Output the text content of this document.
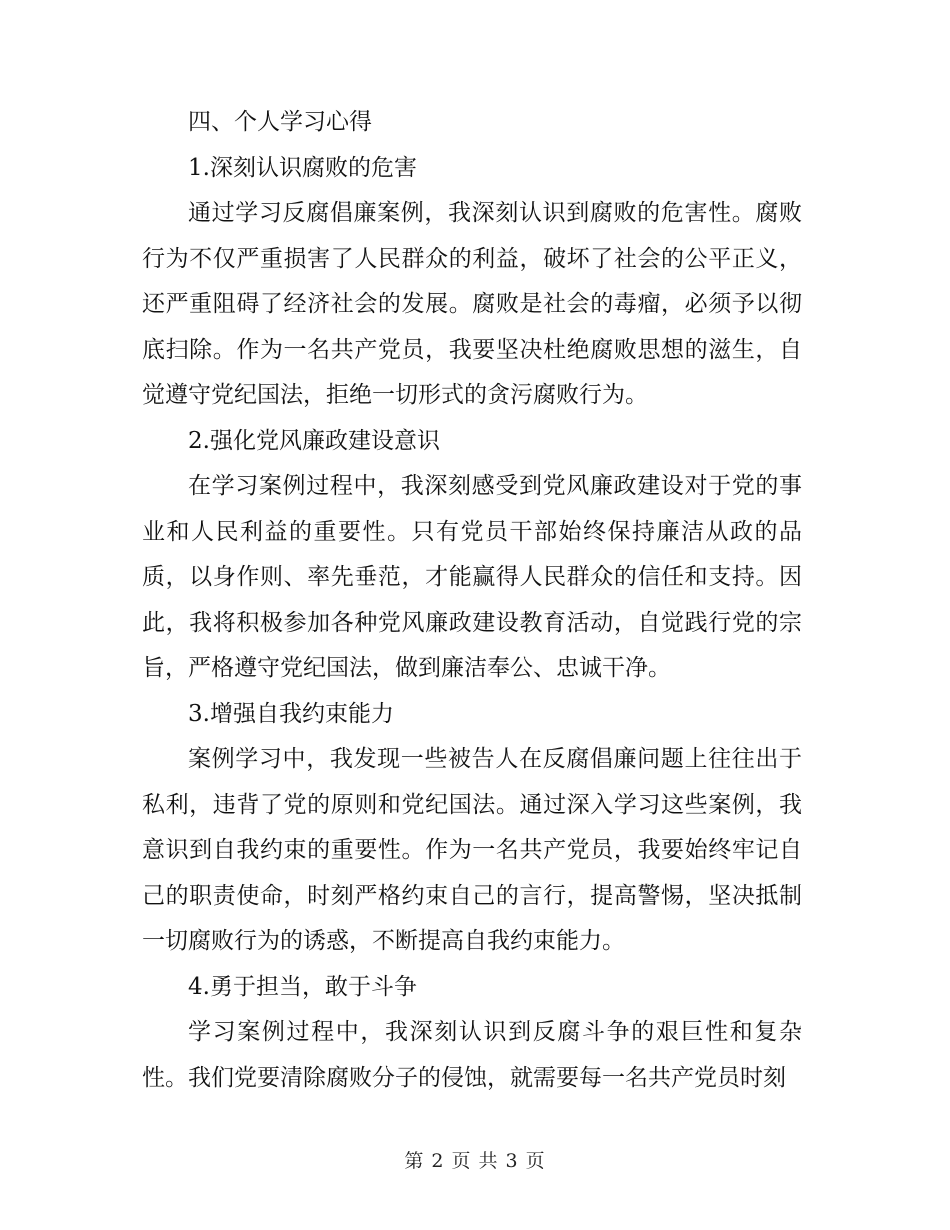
四、个人学习心得

1.深刻认识腐败的危害

通过学习反腐倡廉案例，我深刻认识到腐败的危害性。腐败行为不仅严重损害了人民群众的利益，破坏了社会的公平正义，还严重阻碍了经济社会的发展。腐败是社会的毒瘤，必须予以彻底扫除。作为一名共产党员，我要坚决杜绝腐败思想的滋生，自觉遵守党纪国法，拒绝一切形式的贪污腐败行为。

2.强化党风廉政建设意识

在学习案例过程中，我深刻感受到党风廉政建设对于党的事业和人民利益的重要性。只有党员干部始终保持廉洁从政的品质，以身作则、率先垂范，才能赢得人民群众的信任和支持。因此，我将积极参加各种党风廉政建设教育活动，自觉践行党的宗旨，严格遵守党纪国法，做到廉洁奉公、忠诚干净。

3.增强自我约束能力

案例学习中，我发现一些被告人在反腐倡廉问题上往往出于私利，违背了党的原则和党纪国法。通过深入学习这些案例，我意识到自我约束的重要性。作为一名共产党员，我要始终牢记自己的职责使命，时刻严格约束自己的言行，提高警惕，坚决抵制一切腐败行为的诱惑，不断提高自我约束能力。

4.勇于担当，敢于斗争

学习案例过程中，我深刻认识到反腐斗争的艰巨性和复杂性。我们党要清除腐败分子的侵蚀，就需要每一名共产党员时刻

第 2 页 共 3 页
